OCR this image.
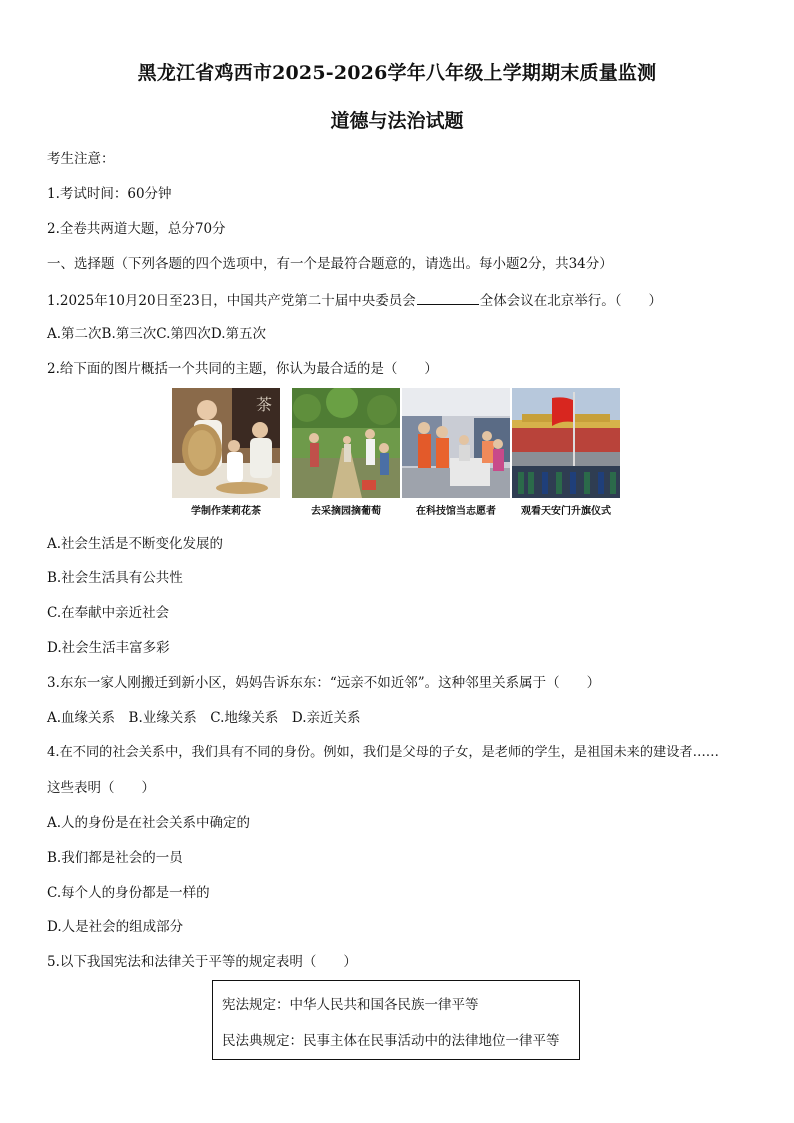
黑龙江省鸡西市2025-2026学年八年级上学期期末质量监测
道德与法治试题
考生注意：
1.考试时间：60分钟
2.全卷共两道大题，总分70分
一、选择题（下列各题的四个选项中，有一个是最符合题意的，请选出。每小题2分，共34分）
1.2025年10月20日至23日，中国共产党第二十届中央委员会	全体会议在北京举行。（　　）
A.第二次B.第三次C.第四次D.第五次
2.给下面的图片概括一个共同的主题，你认为最合适的是（　　）
茶
学制作茉莉花茶	去采摘园摘葡萄	在科技馆当志愿者	观看天安门升旗仪式
A.社会生活是不断变化发展的
B.社会生活具有公共性
C.在奉献中亲近社会
D.社会生活丰富多彩
3.东东一家人刚搬迁到新小区，妈妈告诉东东：“远亲不如近邻”。这种邻里关系属于（　　）
A.血缘关系　B.业缘关系　C.地缘关系　D.亲近关系
4.在不同的社会关系中，我们具有不同的身份。例如，我们是父母的子女，是老师的学生，是祖国未来的建设者……
这些表明（　　）
A.人的身份是在社会关系中确定的
B.我们都是社会的一员
C.每个人的身份都是一样的
D.人是社会的组成部分
5.以下我国宪法和法律关于平等的规定表明（　　）
宪法规定：中华人民共和国各民族一律平等
民法典规定：民事主体在民事活动中的法律地位一律平等
